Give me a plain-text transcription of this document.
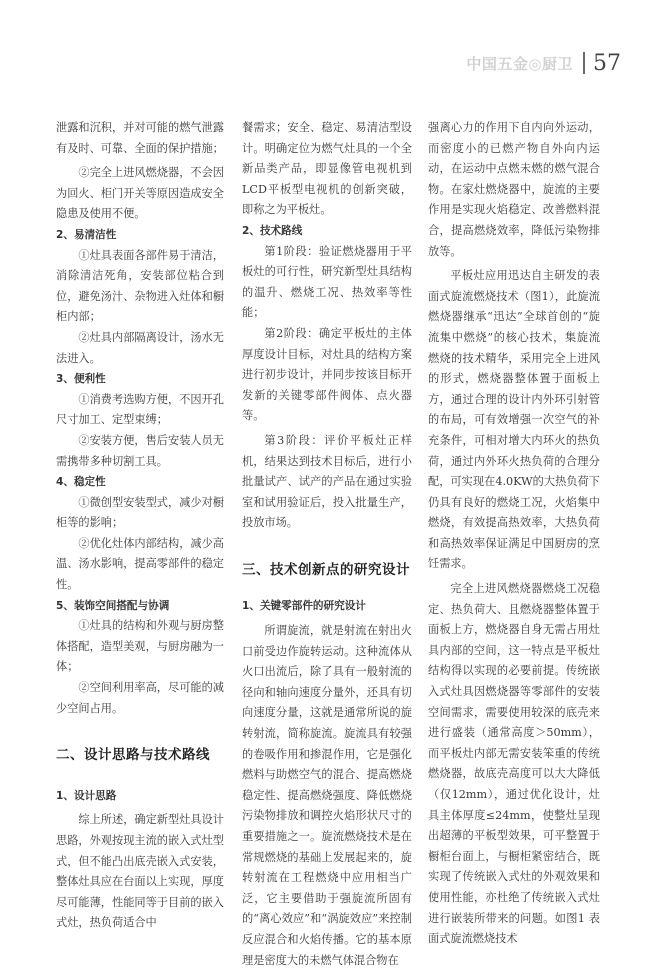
中国五金◎厨卫 57

泄露和沉积，并对可能的燃气泄露有及时、可靠、全面的保护措施；

②完全上进风燃烧器，不会因为回火、柜门开关等原因造成安全隐患及使用不便。

2、易清洁性

①灶具表面各部件易于清洁，消除清洁死角，安装部位粘合到位，避免汤汁、杂物进入灶体和橱柜内部；

②灶具内部隔离设计，汤水无法进入。

3、便利性

①消费考选购方便，不因开孔尺寸加工、定型束缚；

②安装方便，售后安装人员无需携带多种切割工具。

4、稳定性

①微创型安装型式，减少对橱柜等的影响；

②优化灶体内部结构，减少高温、汤水影响，提高零部件的稳定性。

5、装饰空间搭配与协调

①灶具的结构和外观与厨房整体搭配，造型美观，与厨房融为一体；

②空间利用率高，尽可能的减少空间占用。

二、设计思路与技术路线
1、设计思路

综上所述，确定新型灶具设计思路，外观按现主流的嵌入式灶型式，但不能凸出底壳嵌入式安装，整体灶具应在台面以上实现，厚度尽可能薄，性能同等于目前的嵌入式灶，热负荷适合中

餐需求；安全、稳定、易清洁型设计。明确定位为燃气灶具的一个全新品类产品，即显像管电视机到LCD平板型电视机的创新突破，即称之为平板灶。

2、技术路线

第1阶段：验证燃烧器用于平板灶的可行性，研究新型灶具结构的温升、燃烧工况、热效率等性能；

第2阶段：确定平板灶的主体厚度设计目标，对灶具的结构方案进行初步设计，并同步按该目标开发新的关键零部件阀体、点火器等。

第3阶段：评价平板灶正样机，结果达到技术目标后，进行小批量试产、试产的产品在通过实验室和试用验证后，投入批量生产，投放市场。

三、技术创新点的研究设计
1、关键零部件的研究设计

所谓旋流，就是射流在射出火口前受边作旋转运动。这种流体从火口出流后，除了具有一般射流的径向和轴向速度分量外，还具有切向速度分量，这就是通常所说的旋转射流，简称旋流。旋流具有较强的卷吸作用和掺混作用，它是强化燃料与助燃空气的混合、提高燃烧稳定性、提高燃烧强度、降低燃烧污染物排放和调控火焰形状尺寸的重要措施之一。旋流燃烧技术是在常规燃烧的基础上发展起来的，旋转射流在工程燃烧中应用相当广泛，它主要借助于强旋流所固有的“离心效应”和“涡旋效应”来控制反应混合和火焰传播。它的基本原理是密度大的未燃气体混合物在

强离心力的作用下自内向外运动，而密度小的已燃产物自外向内运动，在运动中点燃未燃的燃气混合物。在家灶燃烧器中，旋流的主要作用是实现火焰稳定、改善燃料混合，提高燃烧效率，降低污染物排放等。

平板灶应用迅达自主研发的表面式旋流燃烧技术（图1），此旋流燃烧器继承“迅达”全球首创的“旋流集中燃烧”的核心技术，集旋流燃烧的技术精华，采用完全上进风的形式，燃烧器整体置于面板上方，通过合理的设计内外环引射管的布局，可有效增强一次空气的补充条件，可相对增大内环火的热负荷，通过内外环火热负荷的合理分配，可实现在4.0KW的大热负荷下仍具有良好的燃烧工况，火焰集中燃烧，有效提高热效率，大热负荷和高热效率保证满足中国厨房的烹饪需求。

完全上进风燃烧器燃烧工况稳定、热负荷大、且燃烧器整体置于面板上方，燃烧器自身无需占用灶具内部的空间，这一特点是平板灶结构得以实现的必要前提。传统嵌入式灶具因燃烧器等零部件的安装空间需求，需要使用较深的底壳来进行盛装（通常高度＞50mm），而平板灶内部无需安装笨重的传统燃烧器，故底壳高度可以大大降低（仅12mm），通过优化设计，灶具主体厚度≤24mm，使整灶呈现出超薄的平板型效果，可平整置于橱柜台面上，与橱柜紧密结合，既实现了传统嵌入式灶的外观效果和使用性能，亦杜绝了传统嵌入式灶进行嵌装所带来的问题。如图1 表面式旋流燃烧技术
